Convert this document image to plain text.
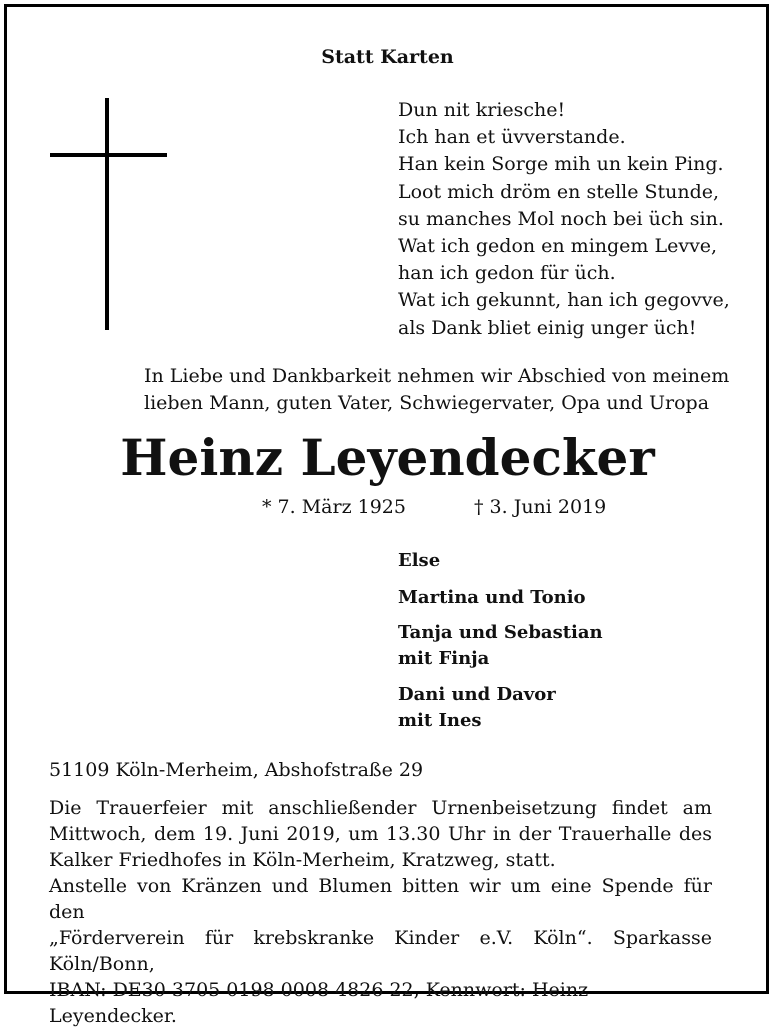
Statt Karten
Dun nit kriesche!
Ich han et üvverstande.
Han kein Sorge mih un kein Ping.
Loot mich dröm en stelle Stunde,
su manches Mol noch bei üch sin.
Wat ich gedon en mingem Levve,
han ich gedon für üch.
Wat ich gekunnt, han ich gegovve,
als Dank bliet einig unger üch!
In Liebe und Dankbarkeit nehmen wir Abschied von meinem
lieben Mann, guten Vater, Schwiegervater, Opa und Uropa
Heinz Leyendecker
* 7. März 1925	† 3. Juni 2019
Else
Martina und Tonio
Tanja und Sebastian
mit Finja
Dani und Davor
mit Ines
51109 Köln-Merheim, Abshofstraße 29
Die Trauerfeier mit anschließender Urnenbeisetzung findet am
Mittwoch, dem 19. Juni 2019, um 13.30 Uhr in der Trauerhalle des
Kalker Friedhofes in Köln-Merheim, Kratzweg, statt.
Anstelle von Kränzen und Blumen bitten wir um eine Spende für den
„Förderverein für krebskranke Kinder e.V. Köln“. Sparkasse Köln/Bonn,
IBAN: DE30 3705 0198 0008 4826 22, Kennwort: Heinz Leyendecker.
